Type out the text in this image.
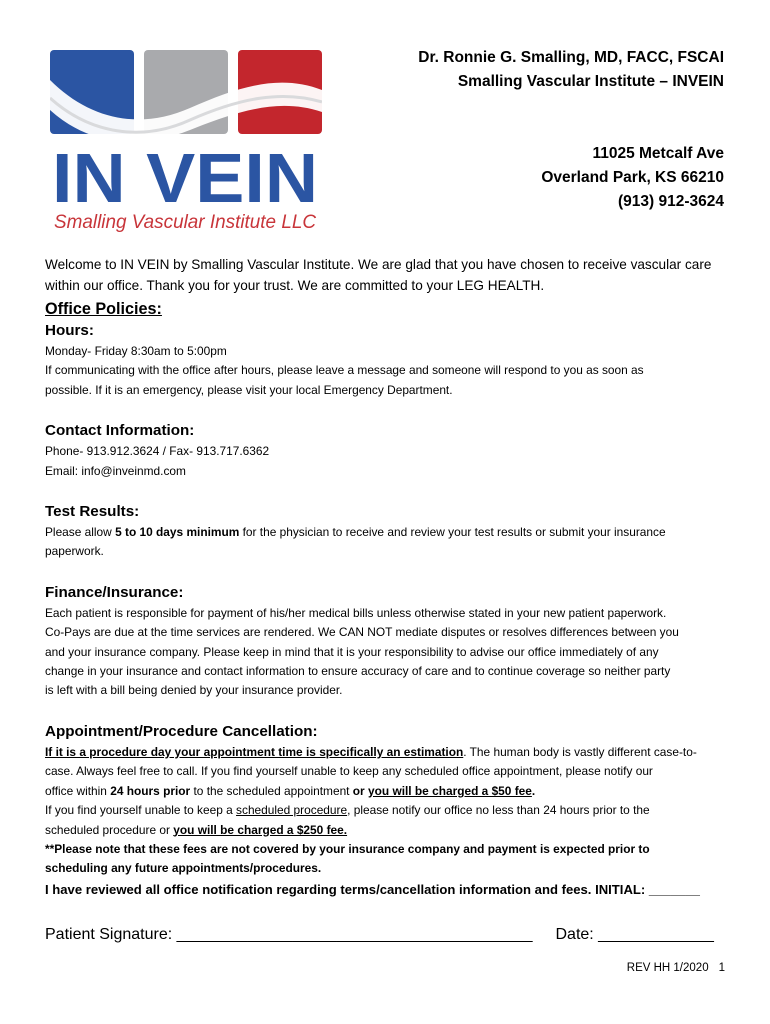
IN VEIN
Smalling Vascular Institute LLC
Dr. Ronnie G. Smalling, MD, FACC, FSCAI
Smalling Vascular Institute – INVEIN
11025 Metcalf Ave
Overland Park, KS 66210
(913) 912-3624

Welcome to IN VEIN by Smalling Vascular Institute. We are glad that you have chosen to receive vascular care

within our office. Thank you for your trust. We are committed to your LEG HEALTH.

Office Policies:
Hours:

Monday- Friday 8:30am to 5:00pm

If communicating with the office after hours, please leave a message and someone will respond to you as soon as

possible. If it is an emergency, please visit your local Emergency Department.

Contact Information:

Phone- 913.912.3624 / Fax- 913.717.6362

Email: info@inveinmd.com

Test Results:

Please allow 5 to 10 days minimum for the physician to receive and review your test results or submit your insurance

paperwork.

Finance/Insurance:

Each patient is responsible for payment of his/her medical bills unless otherwise stated in your new patient paperwork.

Co-Pays are due at the time services are rendered. We CAN NOT mediate disputes or resolves differences between you

and your insurance company. Please keep in mind that it is your responsibility to advise our office immediately of any

change in your insurance and contact information to ensure accuracy of care and to continue coverage so neither party

is left with a bill being denied by your insurance provider.

Appointment/Procedure Cancellation:

If it is a procedure day your appointment time is specifically an estimation. The human body is vastly different case-to-

case. Always feel free to call. If you find yourself unable to keep any scheduled office appointment, please notify our

office within 24 hours prior to the scheduled appointment or you will be charged a $50 fee.

If you find yourself unable to keep a scheduled procedure, please notify our office no less than 24 hours prior to the

scheduled procedure or you will be charged a $250 fee.

**Please note that these fees are not covered by your insurance company and payment is expected prior to

scheduling any future appointments/procedures.

I have reviewed all office notification regarding terms/cancellation information and fees. INITIAL: _______
Patient Signature: ________________________________________ Date: _____________
REV HH 1/2020 1
